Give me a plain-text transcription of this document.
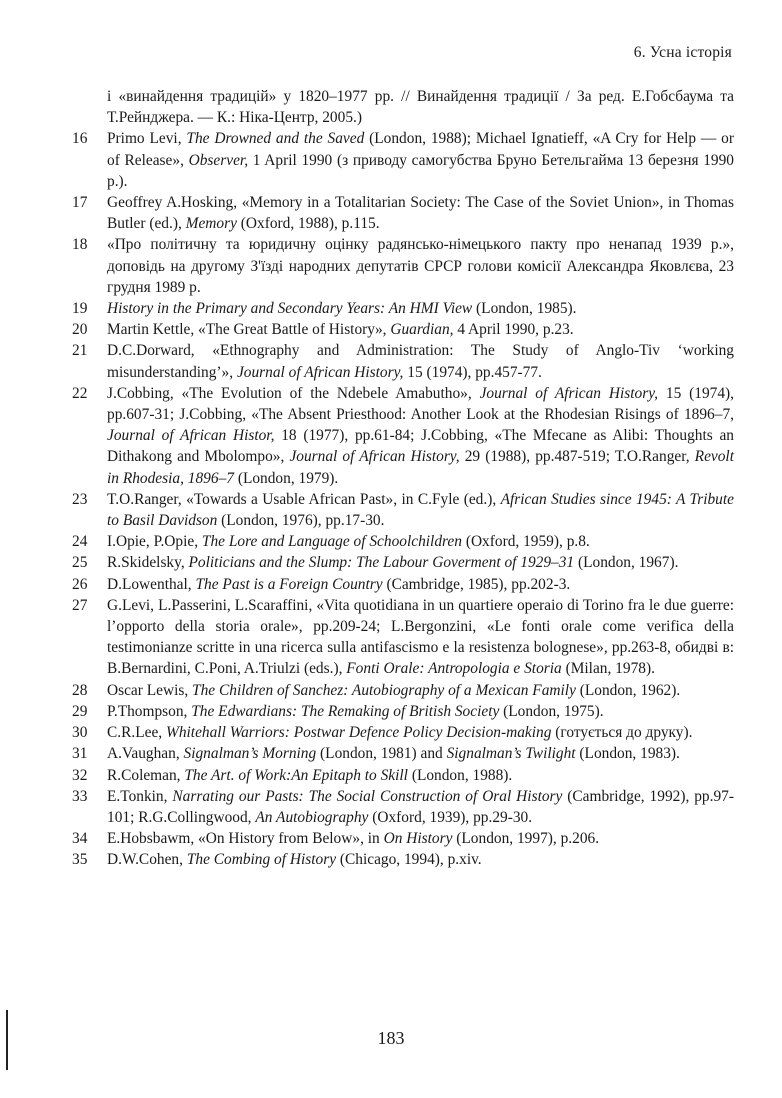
6. Усна історія
і «винайдення традицій» у 1820–1977 рр. // Винайдення традиції / За ред. Е.Гобсбаума та Т.Рейнджера. — К.: Ніка-Центр, 2005.)
16	Primo Levi, The Drowned and the Saved (London, 1988); Michael Ignatieff, «A Cry for Help — or of Release», Observer, 1 April 1990 (з приводу самогубства Бруно Бетельгайма 13 березня 1990 р.).
17	Geoffrey A.Hosking, «Memory in a Totalitarian Society: The Case of the Soviet Union», in Thomas Butler (ed.), Memory (Oxford, 1988), p.115.
18	«Про політичну та юридичну оцінку радянсько-німецького пакту про ненапад 1939 р.», доповідь на другому З'їзді народних депутатів СРСР голови комісії Александра Яковлєва, 23 грудня 1989 р.
19	History in the Primary and Secondary Years: An HMI View (London, 1985).
20	Martin Kettle, «The Great Battle of History», Guardian, 4 April 1990, p.23.
21	D.C.Dorward, «Ethnography and Administration: The Study of Anglo-Tiv ‘working misunderstanding’», Journal of African History, 15 (1974), pp.457-77.
22	J.Cobbing, «The Evolution of the Ndebele Amabutho», Journal of African History, 15 (1974), pp.607-31; J.Cobbing, «The Absent Priesthood: Another Look at the Rhodesian Risings of 1896–7, Journal of African Histor, 18 (1977), pp.61-84; J.Cobbing, «The Mfecane as Alibi: Thoughts an Dithakong and Mbolompo», Journal of African History, 29 (1988), pp.487-519; T.O.Ranger, Revolt in Rhodesia, 1896–7 (London, 1979).
23	T.O.Ranger, «Towards a Usable African Past», in C.Fyle (ed.), African Studies since 1945: A Tribute to Basil Davidson (London, 1976), pp.17-30.
24	I.Opie, P.Opie, The Lore and Language of Schoolchildren (Oxford, 1959), p.8.
25	R.Skidelsky, Politicians and the Slump: The Labour Goverment of 1929–31 (London, 1967).
26	D.Lowenthal, The Past is a Foreign Country (Cambridge, 1985), pp.202-3.
27	G.Levi, L.Passerini, L.Scaraffini, «Vita quotidiana in un quartiere operaio di Torino fra le due guerre: l’opporto della storia orale», pp.209-24; L.Bergonzini, «Le fonti orale come verifica della testimonianze scritte in una ricerca sulla antifascismo e la resistenza bolognese», pp.263-8, обидві в: B.Bernardini, C.Poni, A.Triulzi (eds.), Fonti Orale: Antropologia e Storia (Milan, 1978).
28	Oscar Lewis, The Children of Sanchez: Autobiography of a Mexican Family (London, 1962).
29	P.Thompson, The Edwardians: The Remaking of British Society (London, 1975).
30	C.R.Lee, Whitehall Warriors: Postwar Defence Policy Decision-making (готується до друку).
31	A.Vaughan, Signalman’s Morning (London, 1981) and Signalman’s Twilight (London, 1983).
32	R.Coleman, The Art. of Work:An Epitaph to Skill (London, 1988).
33	E.Tonkin, Narrating our Pasts: The Social Construction of Oral History (Cambridge, 1992), pp.97-101; R.G.Collingwood, An Autobiography (Oxford, 1939), pp.29-30.
34	E.Hobsbawm, «On History from Below», in On History (London, 1997), p.206.
35	D.W.Cohen, The Combing of History (Chicago, 1994), p.xiv.
183
